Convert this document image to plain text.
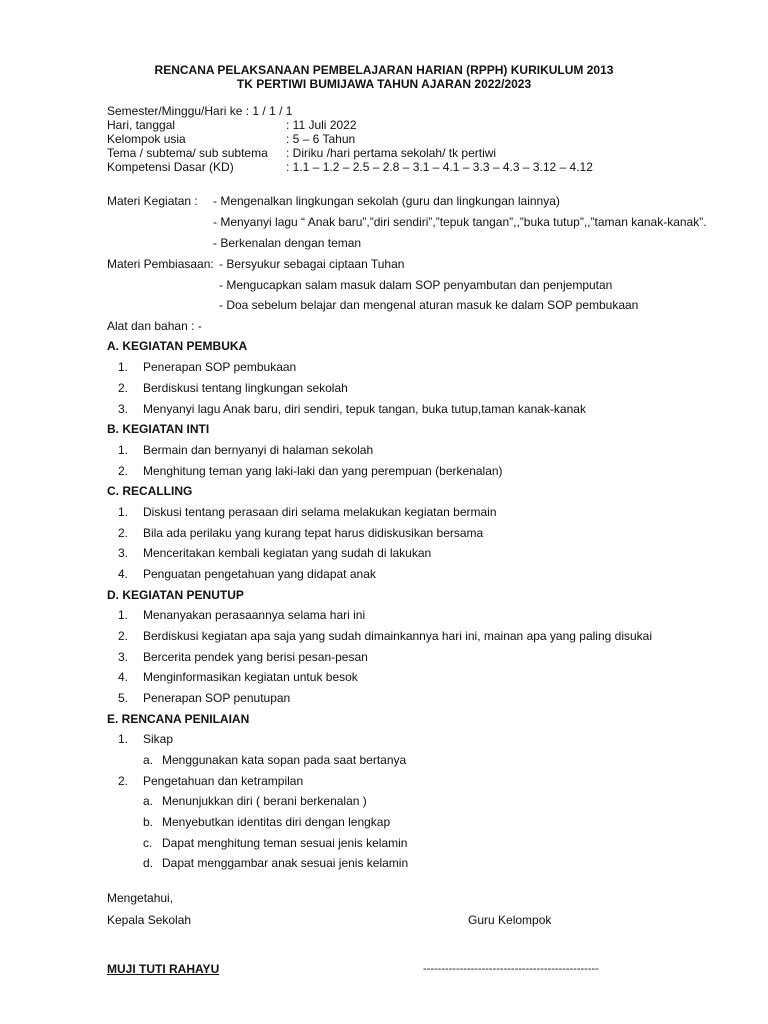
RENCANA PELAKSANAAN PEMBELAJARAN HARIAN (RPPH) KURIKULUM 2013
TK PERTIWI BUMIJAWA TAHUN AJARAN 2022/2023
Semester/Minggu/Hari ke : 1 / 1 / 1
Hari, tanggal	: 11 Juli 2022
Kelompok usia	: 5 – 6 Tahun
Tema / subtema/ sub subtema : Diriku /hari pertama sekolah/ tk pertiwi
Kompetensi Dasar (KD)	: 1.1 – 1.2 – 2.5 – 2.8 – 3.1 – 4.1 – 3.3 – 4.3 – 3.12 – 4.12
Materi Kegiatan : - Mengenalkan lingkungan sekolah (guru dan lingkungan lainnya)
- Menyanyi lagu “ Anak baru”,”diri sendiri”,”tepuk tangan”,,”buka tutup”,,”taman kanak-kanak”.
- Berkenalan dengan teman
Materi Pembiasaan: - Bersyukur sebagai ciptaan Tuhan
- Mengucapkan salam masuk dalam SOP penyambutan dan penjemputan
- Doa sebelum belajar dan mengenal aturan masuk ke dalam SOP pembukaan
Alat dan bahan : -
A. KEGIATAN PEMBUKA
1. Penerapan SOP pembukaan
2. Berdiskusi tentang lingkungan sekolah
3. Menyanyi lagu Anak baru, diri sendiri, tepuk tangan, buka tutup,taman kanak-kanak
B. KEGIATAN INTI
1. Bermain dan bernyanyi di halaman sekolah
2. Menghitung teman yang laki-laki dan yang perempuan (berkenalan)
C. RECALLING
1. Diskusi tentang perasaan diri selama melakukan kegiatan bermain
2. Bila ada perilaku yang kurang tepat harus didiskusikan bersama
3. Menceritakan kembali kegiatan yang sudah di lakukan
4. Penguatan pengetahuan yang didapat anak
D. KEGIATAN PENUTUP
1. Menanyakan perasaannya selama hari ini
2. Berdiskusi kegiatan apa saja yang sudah dimainkannya hari ini, mainan apa yang paling disukai
3. Bercerita pendek yang berisi pesan-pesan
4. Menginformasikan kegiatan untuk besok
5. Penerapan SOP penutupan
E. RENCANA PENILAIAN
1. Sikap
a. Menggunakan kata sopan pada saat bertanya
2. Pengetahuan dan ketrampilan
a. Menunjukkan diri ( berani berkenalan )
b. Menyebutkan identitas diri dengan lengkap
c. Dapat menghitung teman sesuai jenis kelamin
d. Dapat menggambar anak sesuai jenis kelamin
Mengetahui,
Kepala Sekolah	Guru Kelompok
MUJI TUTI RAHAYU	------------------------------------------------
